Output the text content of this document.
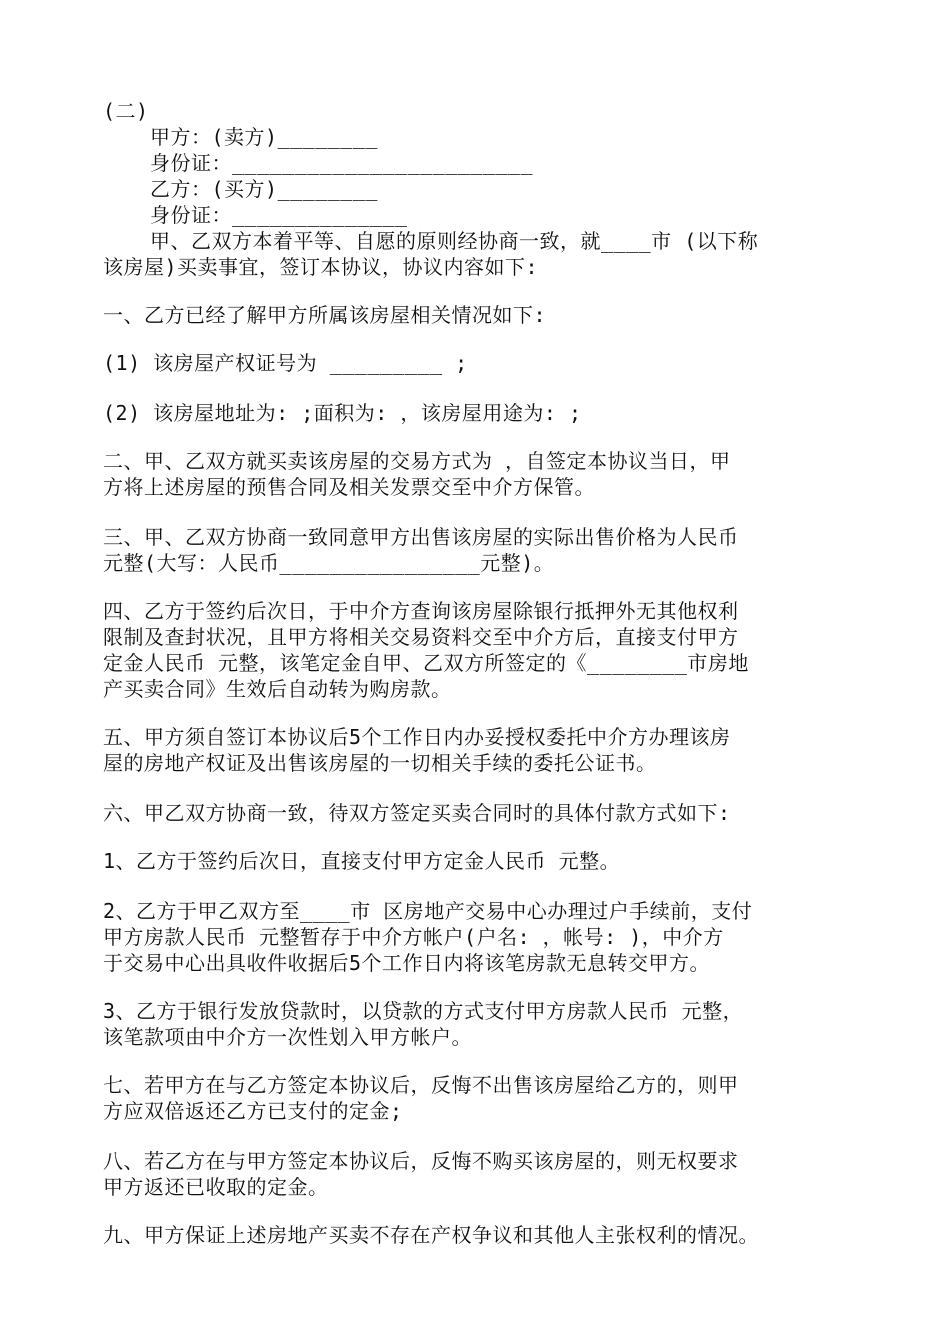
(二)
甲方：(卖方)________
身份证：________________________
乙方：(买方)________
身份证：______________
甲、乙双方本着平等、自愿的原则经协商一致，就____市 (以下称
该房屋)买卖事宜，签订本协议，协议内容如下:
一、乙方已经了解甲方所属该房屋相关情况如下:
(1) 该房屋产权证号为 _________ ;
(2) 该房屋地址为: ;面积为: ，该房屋用途为: ;
二、甲、乙双方就买卖该房屋的交易方式为 ，自签定本协议当日，甲
方将上述房屋的预售合同及相关发票交至中介方保管。
三、甲、乙双方协商一致同意甲方出售该房屋的实际出售价格为人民币
元整(大写：人民币________________元整)。
四、乙方于签约后次日，于中介方查询该房屋除银行抵押外无其他权利
限制及查封状况，且甲方将相关交易资料交至中介方后，直接支付甲方
定金人民币 元整，该笔定金自甲、乙双方所签定的《________市房地
产买卖合同》生效后自动转为购房款。
五、甲方须自签订本协议后5个工作日内办妥授权委托中介方办理该房
屋的房地产权证及出售该房屋的一切相关手续的委托公证书。
六、甲乙双方协商一致，待双方签定买卖合同时的具体付款方式如下:
1、乙方于签约后次日，直接支付甲方定金人民币 元整。
2、乙方于甲乙双方至____市 区房地产交易中心办理过户手续前，支付
甲方房款人民币 元整暂存于中介方帐户(户名: ，帐号: )，中介方
于交易中心出具收件收据后5个工作日内将该笔房款无息转交甲方。
3、乙方于银行发放贷款时，以贷款的方式支付甲方房款人民币 元整，
该笔款项由中介方一次性划入甲方帐户。
七、若甲方在与乙方签定本协议后，反悔不出售该房屋给乙方的，则甲
方应双倍返还乙方已支付的定金;
八、若乙方在与甲方签定本协议后，反悔不购买该房屋的，则无权要求
甲方返还已收取的定金。
九、甲方保证上述房地产买卖不存在产权争议和其他人主张权利的情况。
